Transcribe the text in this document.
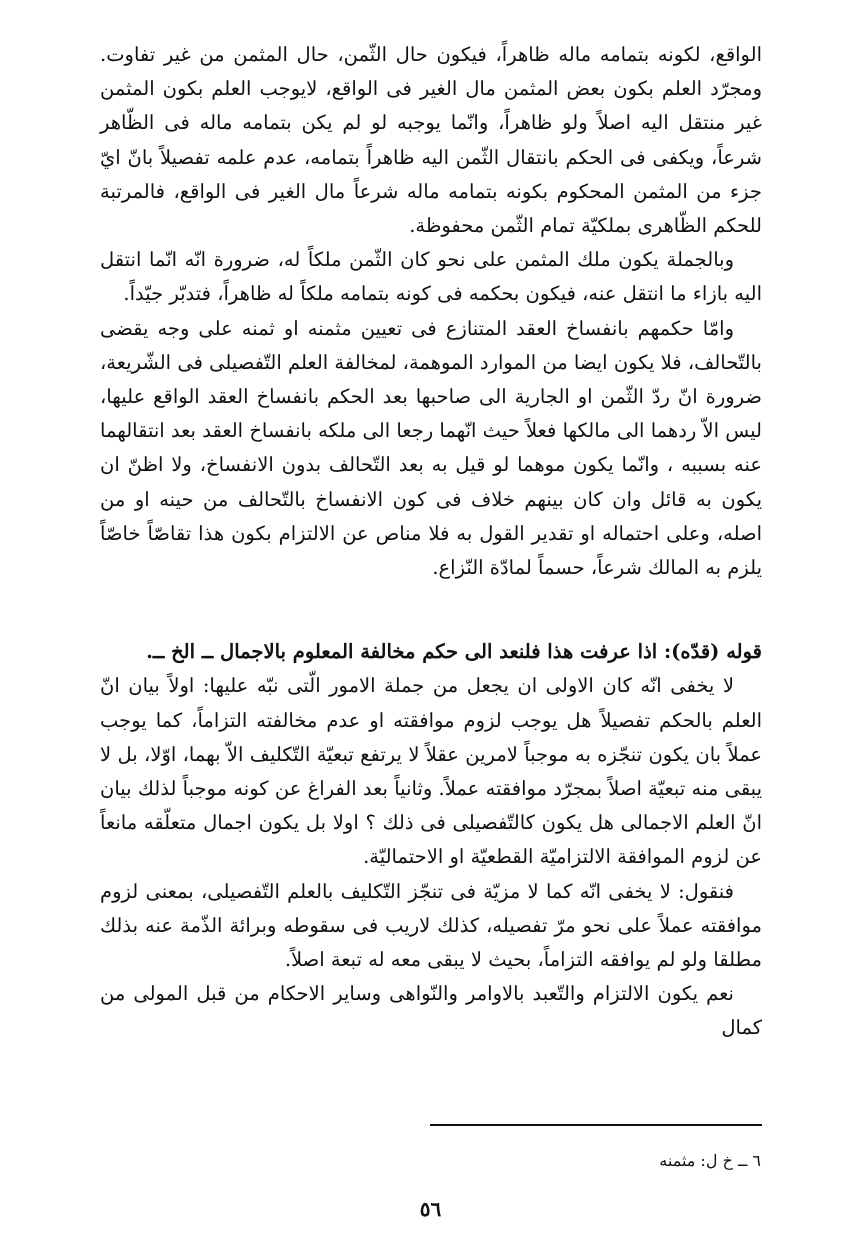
الواقع، لكونه بتمامه ماله ظاهراً، فيكون حال الثّمن، حال المثمن من غير تفاوت. ومجرّد العلم بكون بعض المثمن مال الغير فى الواقع، لايوجب العلم بكون المثمن غير منتقل اليه اصلاً ولو ظاهراً، وانّما يوجبه لو لم يكن بتمامه ماله فى الظّاهر شرعاً، ويكفى فى الحكم بانتقال الثّمن اليه ظاهراً بتمامه، عدم علمه تفصيلاً بانّ ايّ جزء من المثمن المحكوم بكونه بتمامه ماله شرعاً مال الغير فى الواقع، فالمرتبة للحكم الظّاهرى بملكيّة تمام الثّمن محفوظة.

وبالجملة يكون ملك المثمن على نحو كان الثّمن ملكاً له، ضرورة انّه انّما انتقل اليه بازاء ما انتقل عنه، فيكون بحكمه فى كونه بتمامه ملكاً له ظاهراً، فتدبّر جيّداً.

وامّا حكمهم بانفساخ العقد المتنازع فى تعيين مثمنه او ثمنه على وجه يقضى بالتّحالف، فلا يكون ايضا من الموارد الموهمة، لمخالفة العلم التّفصيلى فى الشّريعة، ضرورة انّ ردّ الثّمن او الجارية الى صاحبها بعد الحكم بانفساخ العقد الواقع عليها، ليس الاّ ردهما الى مالكها فعلاً حيث انّهما رجعا الى ملكه بانفساخ العقد بعد انتقالهما عنه بسببه ، وانّما يكون موهما لو قيل به بعد التّحالف بدون الانفساخ، ولا اظنّ ان يكون به قائل وان كان بينهم خلاف فى كون الانفساخ بالتّحالف من حينه او من اصله، وعلى احتماله او تقدير القول به فلا مناص عن الالتزام بكون هذا تقاصّاً خاصّاً يلزم به المالك شرعاً، حسماً لمادّة النّزاع.

قوله (قدّه): اذا عرفت هذا فلنعد الى حكم مخالفة المعلوم بالاجمال ــ الخ ــ.

لا يخفى انّه كان الاولى ان يجعل من جملة الامور الّتى نبّه عليها: اولاً بيان انّ العلم بالحكم تفصيلاً هل يوجب لزوم موافقته او عدم مخالفته التزاماً، كما يوجب عملاً بان يكون تنجّزه به موجباً لامرين عقلاً لا يرتفع تبعيّة التّكليف الاّ بهما، اوّلا، بل لا يبقى منه تبعيّة اصلاً بمجرّد موافقته عملاً. وثانياً بعد الفراغ عن كونه موجباً لذلك بيان انّ العلم الاجمالى هل يكون كالتّفصيلى فى ذلك ؟ اولا بل يكون اجمال متعلّقه مانعاً عن لزوم الموافقة الالتزاميّة القطعيّة او الاحتماليّة.

فنقول: لا يخفى انّه كما لا مزيّة فى تنجّز التّكليف بالعلم التّفصيلى، بمعنى لزوم موافقته عملاً على نحو مرّ تفصيله، كذلك لاريب فى سقوطه وبرائة الذّمة عنه بذلك مطلقا ولو لم يوافقه التزاماً، بحيث لا يبقى معه له تبعة اصلاً.

نعم يكون الالتزام والتّعبد بالاوامر والنّواهى وساير الاحكام من قبل المولى من كمال

٦ ــ خ ل: مثمنه
٥٦
